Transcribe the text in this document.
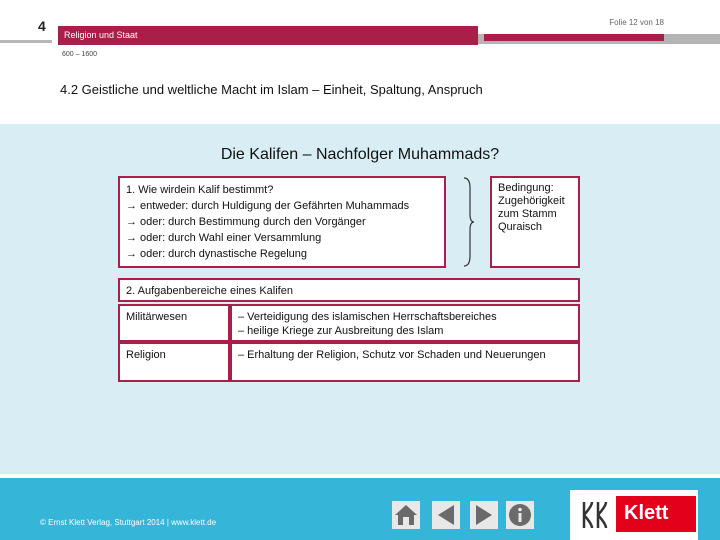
4	Folie 12 von 18
Religion und Staat
600 – 1600
4.2 Geistliche und weltliche Macht im Islam – Einheit, Spaltung, Anspruch
Die Kalifen – Nachfolger Muhammads?
1. Wie wirdein Kalif bestimmt?
→ entweder: durch Huldigung der Gefährten Muhammads
→ oder: durch Bestimmung durch den Vorgänger
→ oder: durch Wahl einer Versammlung
→ oder: durch dynastische Regelung
Bedingung:
Zugehörigkeit zum Stamm Quraisch
2. Aufgabenbereiche eines Kalifen
Militärwesen	– Verteidigung des islamischen Herrschaftsbereiches
– heilige Kriege zur Ausbreitung des Islam
Religion	– Erhaltung der Religion, Schutz vor Schaden und Neuerungen
© Ernst Klett Verlag, Stuttgart 2014 | www.klett.de	Klett
